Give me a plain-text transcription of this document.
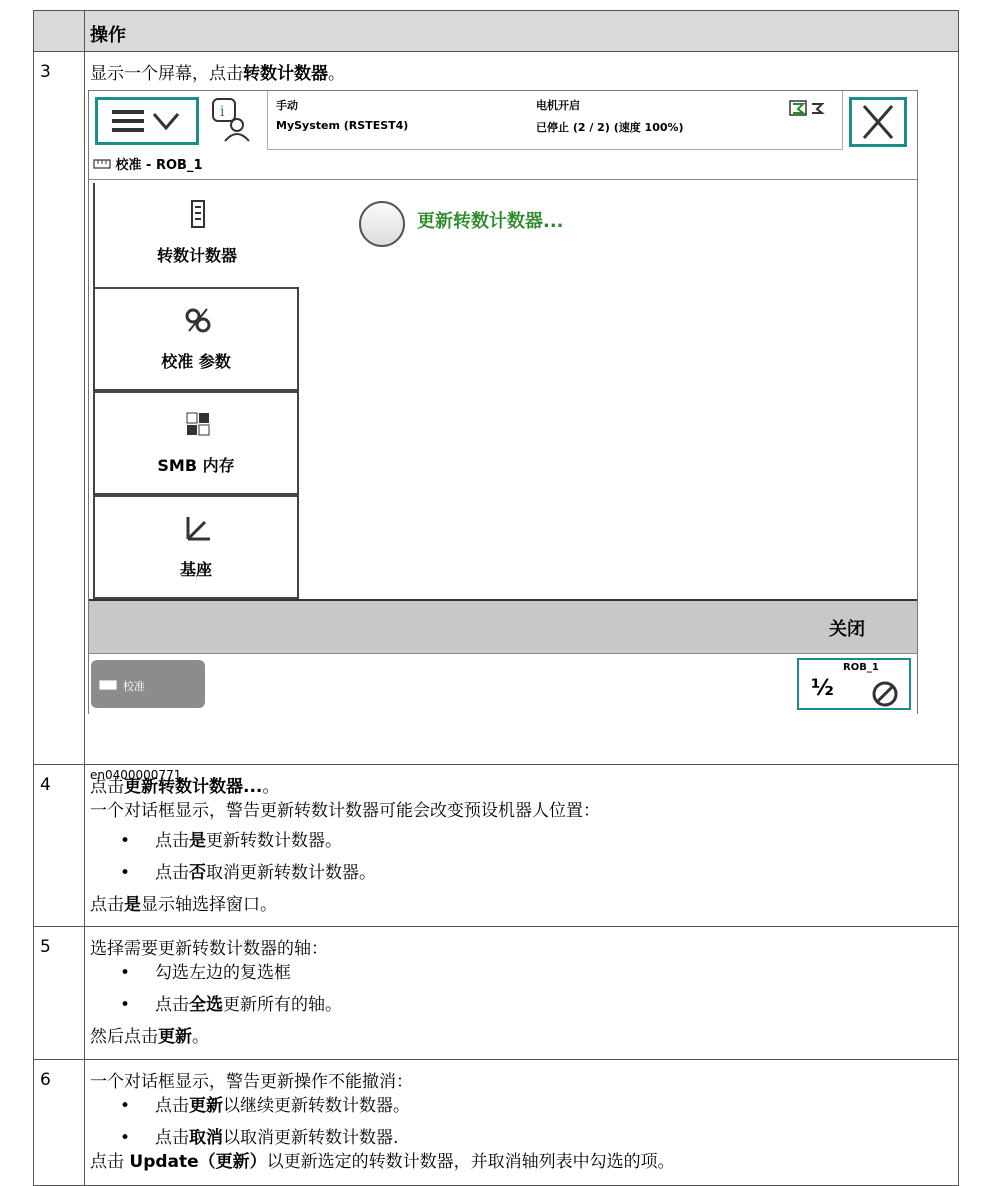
操作
3 显示一个屏幕，点击转数计数器。
i	手动
MySystem (RSTEST4)
电机开启
已停止 (2 / 2) (速度 100%)
校准 - ROB_1
转数计数器
校准 参数
SMB 内存
基座
更新转数计数器...
关闭
校准
ROB_1
½
en0400000771
4 点击更新转数计数器...。
一个对话框显示，警告更新转数计数器可能会改变预设机器人位置：
• 点击是更新转数计数器。
• 点击否取消更新转数计数器。
点击是显示轴选择窗口。
5 选择需要更新转数计数器的轴：
• 勾选左边的复选框
• 点击全选更新所有的轴。
然后点击更新。
6 一个对话框显示，警告更新操作不能撤消：
• 点击更新以继续更新转数计数器。
• 点击取消以取消更新转数计数器.
点击 Update（更新）以更新选定的转数计数器，并取消轴列表中勾选的项。
